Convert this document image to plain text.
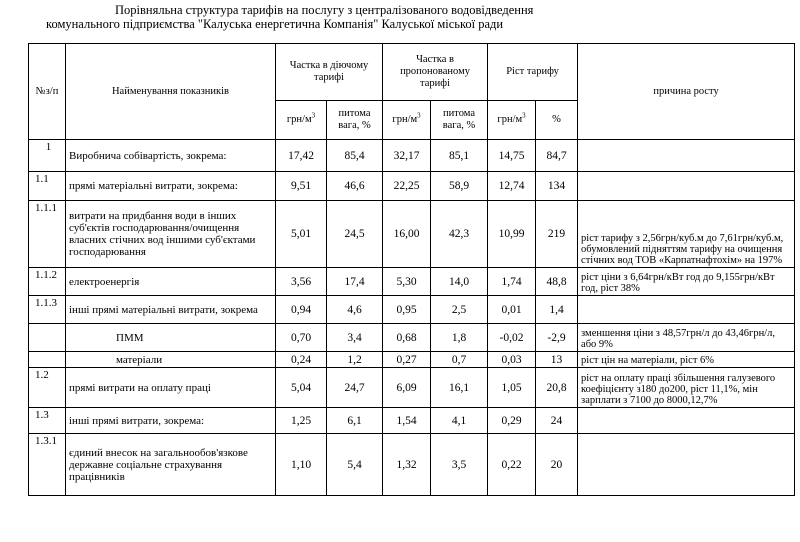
Порівняльна структура тарифів на послугу з централізованого водовідведення
комунального підприємства "Калуська енергетична Компанія" Калуської міської ради
№з/п	Найменування показників	Частка в діючому тарифі		Частка в пропонованому тарифі		Ріст тарифу		причина росту
		грн/$м^3$	питома вага, %	грн/$м^3$	питома вага, %	грн/$м^3$	%	
1	Виробнича собівартість, зокрема:	17,42	85,4	32,17	85,1	14,75	84,7	
1.1	прямі матеріальні витрати, зокрема:	9,51	46,6	22,25	58,9	12,74	134	
1.1.1	витрати на придбання води в інших суб'єктів господарювання/очищення власних стічних вод іншими суб'єктами господарювання	5,01	24,5	16,00	42,3	10,99	219	ріст тарифу з 2,56грн/куб.м до 7,61грн/куб.м, обумовлений підняттям тарифу на очищення стічних вод ТОВ «Карпатнафтохім» на 197%
1.1.2	електроенергія	3,56	17,4	5,30	14,0	1,74	48,8	ріст ціни з 6,64грн/кВт год до 9,155грн/кВт год, ріст 38%
1.1.3	інші прямі матеріальні витрати, зокрема	0,94	4,6	0,95	2,5	0,01	1,4	
	ПММ	0,70	3,4	0,68	1,8	-0,02	-2,9	зменшення ціни з 48,57грн/л до 43,46грн/л, або 9%
	матеріали	0,24	1,2	0,27	0,7	0,03	13	ріст цін на матеріали, ріст 6%
1.2	прямі витрати на оплату праці	5,04	24,7	6,09	16,1	1,05	20,8	ріст на оплату праці збільшення галузевого коефіцієнту з180 до200, ріст 11,1%, мін зарплати з 7100 до 8000,12,7%
1.3	інші прямі витрати, зокрема:	1,25	6,1	1,54	4,1	0,29	24	
1.3.1	єдиний внесок на загальнообов'язкове державне соціальне страхування працівників	1,10	5,4	1,32	3,5	0,22	20	
